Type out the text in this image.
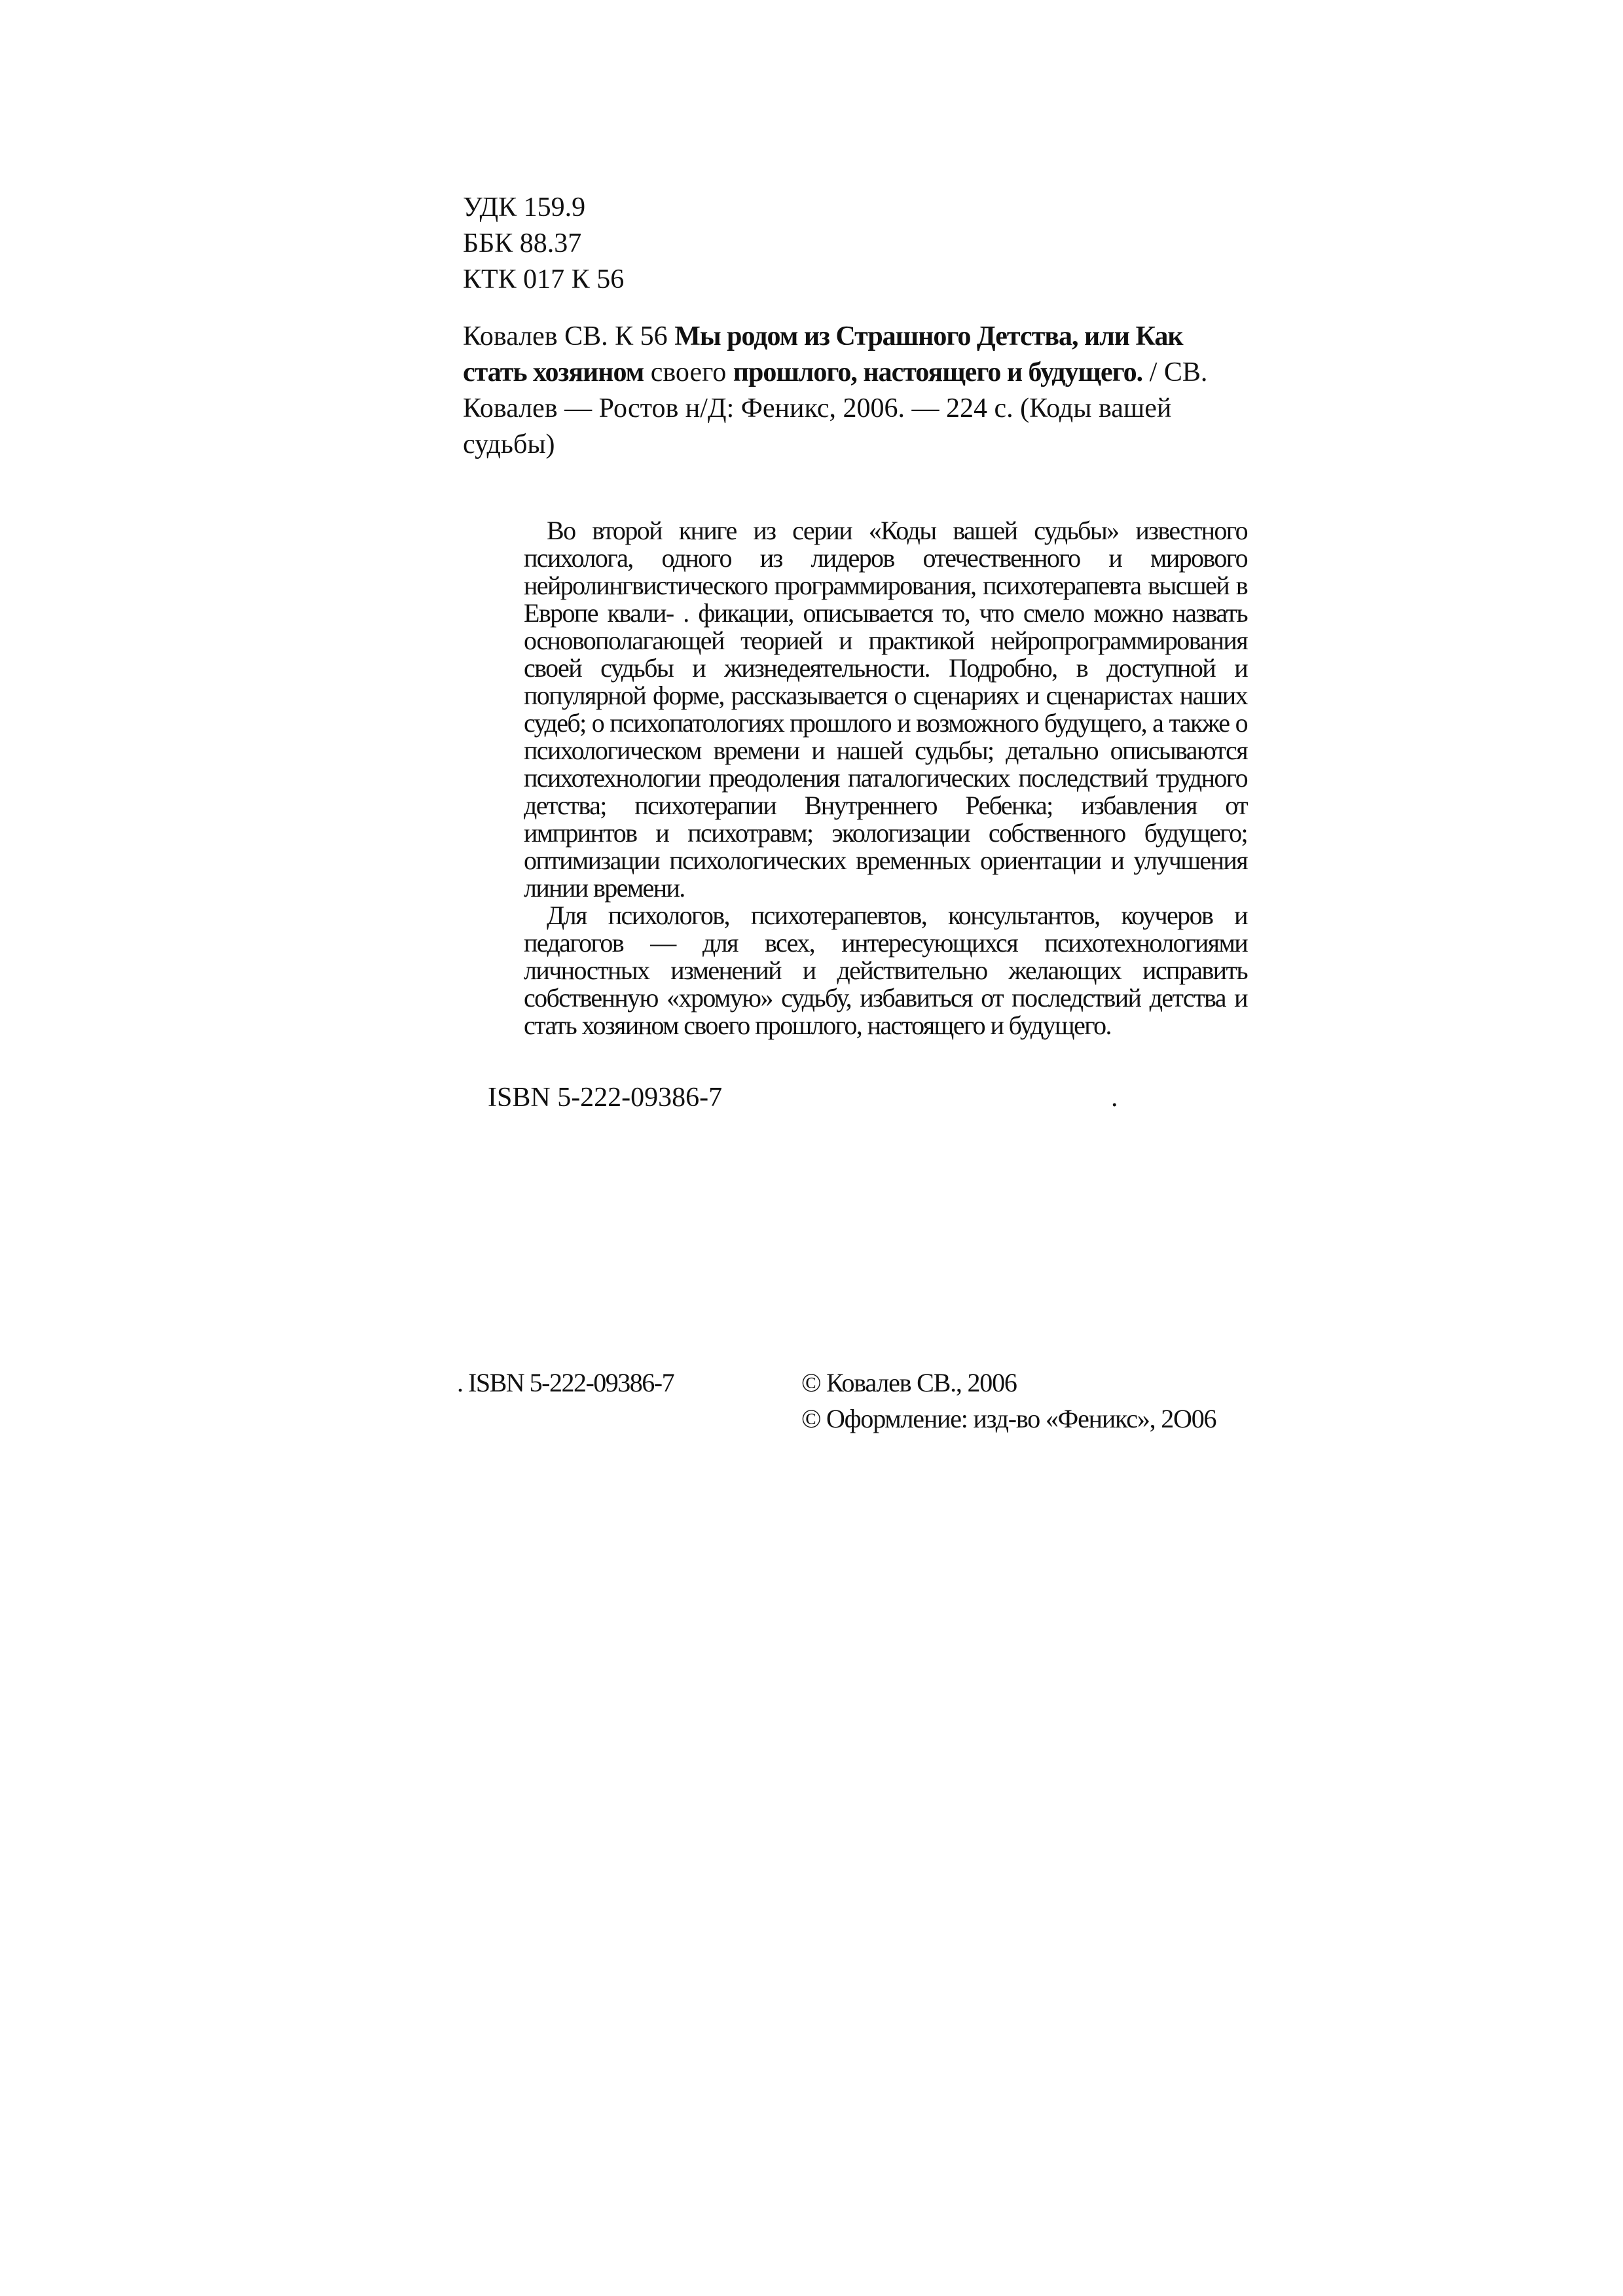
УДК 159.9
ББК 88.37
КТК 017 К 56
Ковалев СВ. К 56 Мы родом из Страшного Детства, или Как стать хозяином своего прошлого, настоящего и будущего. / СВ. Ковалев — Ростов н/Д: Феникс, 2006. — 224 с. (Коды вашей судьбы)

Во второй книге из серии «Коды вашей судьбы» известного психолога, одного из лидеров отечественного и мирового нейролингвистического программирования, психотерапевта высшей в Европе квали- . фикации, описывается то, что смело можно назвать основополагающей теорией и практикой нейропрограммирования своей судьбы и жизнедеятельности. Подробно, в доступной и популярной форме, рассказывается о сценариях и сценаристах наших судеб; о психопатологиях прошлого и возможного будущего, а также о психологическом времени и нашей судьбы; детально описываются психотехнологии преодоления паталогических последствий трудного детства; психотерапии Внутреннего Ребенка; избавления от импринтов и психотравм; экологизации собственного будущего; оптимизации психологических временных ориентации и улучшения линии времени.

Для психологов, психотерапевтов, консультантов, коучеров и педагогов — для всех, интересующихся психотехнологиями личностных изменений и действительно желающих исправить собственную «хромую» судьбу, избавиться от последствий детства и стать хозяином своего прошлого, настоящего и будущего.

ISBN 5-222-09386-7	.
. ISBN 5-222-09386-7	© Ковалев СВ., 2006
© Оформление: изд-во «Феникс», 2О06
